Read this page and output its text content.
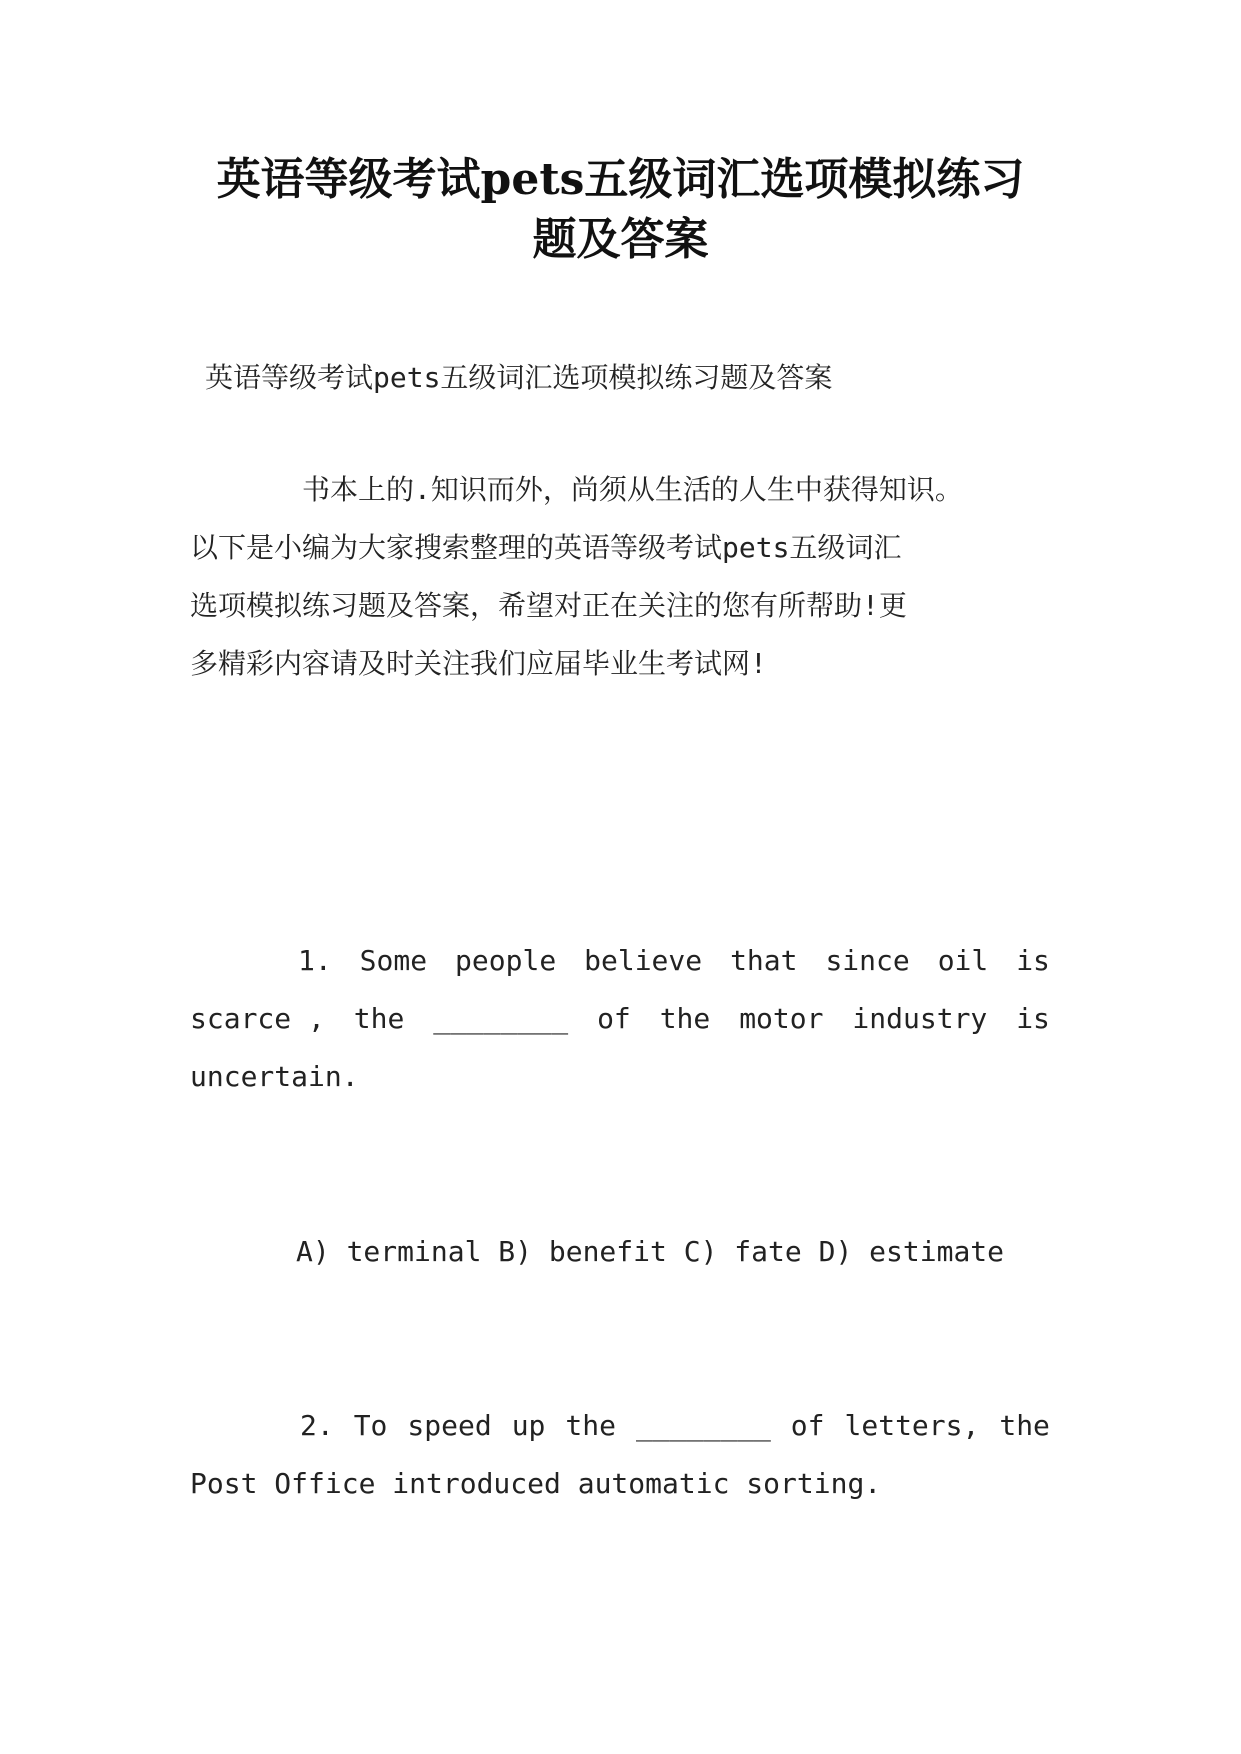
英语等级考试pets五级词汇选项模拟练习
题及答案
英语等级考试pets五级词汇选项模拟练习题及答案
书本上的.知识而外，尚须从生活的人生中获得知识。
以下是小编为大家搜索整理的英语等级考试pets五级词汇
选项模拟练习题及答案，希望对正在关注的您有所帮助!更
多精彩内容请及时关注我们应届毕业生考试网!
1. Some people believe that since oil is
scarce , the ________ of the motor industry is
uncertain.
A) terminal B) benefit C) fate D) estimate
2. To speed up the ________ of letters, the
Post Office introduced automatic sorting.
